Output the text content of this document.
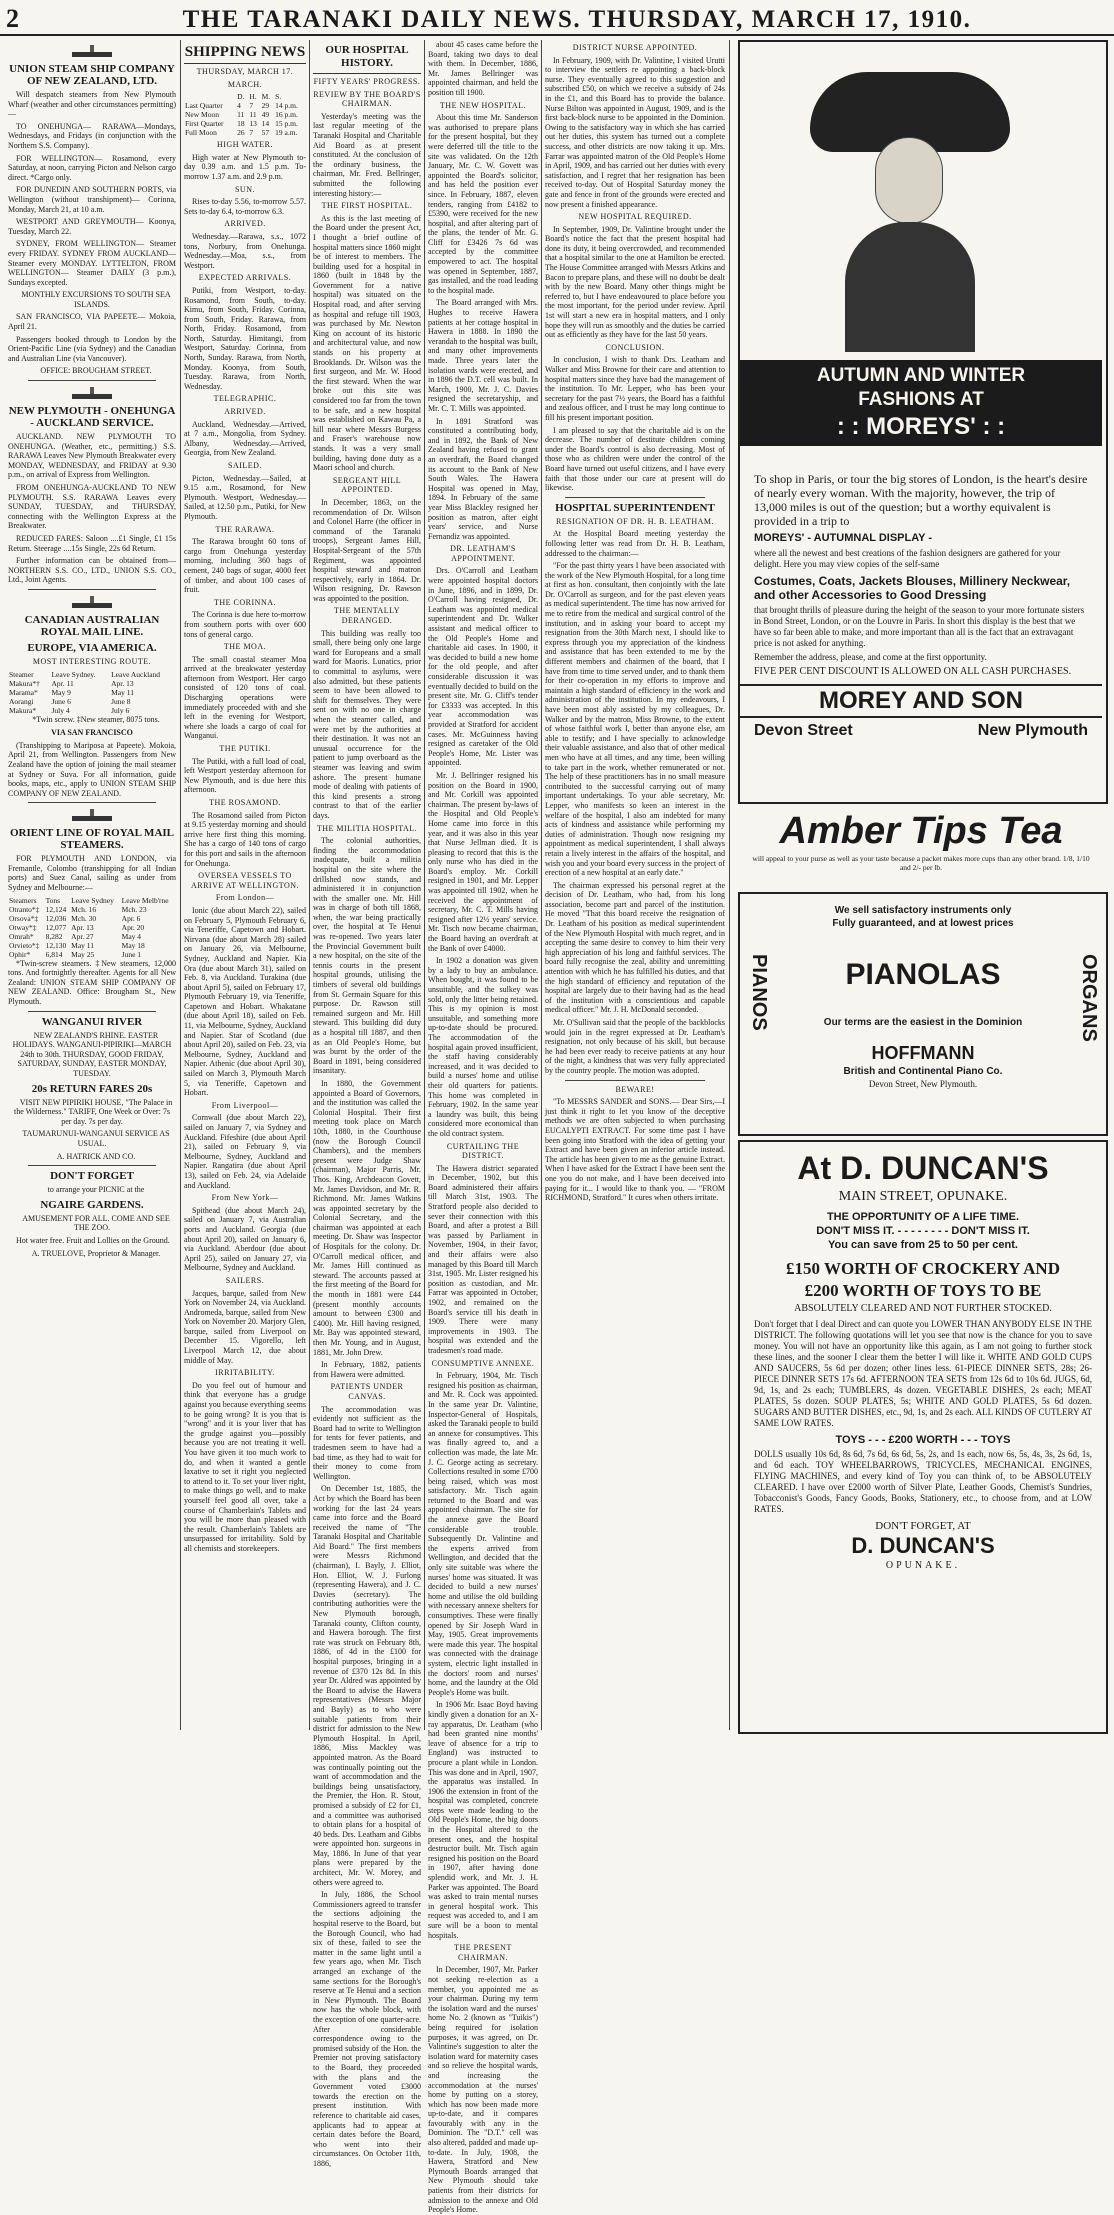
2	THE TARANAKI DAILY NEWS. THURSDAY, MARCH 17, 1910.
UNION STEAM SHIP COMPANY OF NEW ZEALAND, LTD.

Will despatch steamers from New Plymouth Wharf (weather and other circumstances permitting)—

TO ONEHUNGA— RARAWA—Mondays, Wednesdays, and Fridays (in conjunction with the Northern S.S. Company).

FOR WELLINGTON— Rosamond, every Saturday, at noon, carrying Picton and Nelson cargo direct. *Cargo only.

FOR DUNEDIN AND SOUTHERN PORTS, via Wellington (without transhipment)— Corinna, Monday, March 21, at 10 a.m.

WESTPORT AND GREYMOUTH— Koonya, Tuesday, March 22.

SYDNEY, FROM WELLINGTON— Steamer every FRIDAY. SYDNEY FROM AUCKLAND— Steamer every MONDAY. LYTTELTON, FROM WELLINGTON— Steamer DAILY (3 p.m.), Sundays excepted.

MONTHLY EXCURSIONS TO SOUTH SEA ISLANDS.

SAN FRANCISCO, VIA PAPEETE— Mokoia, April 21.

Passengers booked through to London by the Orient-Pacific Line (via Sydney) and the Canadian and Australian Line (via Vancouver).

OFFICE: BROUGHAM STREET.

NEW PLYMOUTH - ONEHUNGA - AUCKLAND SERVICE.

AUCKLAND. NEW PLYMOUTH TO ONEHUNGA. (Weather, etc., permitting.) S.S. RARAWA Leaves New Plymouth Breakwater every MONDAY, WEDNESDAY, and FRIDAY at 9.30 p.m., on arrival of Express from Wellington.

FROM ONEHUNGA-AUCKLAND TO NEW PLYMOUTH. S.S. RARAWA Leaves every SUNDAY, TUESDAY, and THURSDAY, connecting with the Wellington Express at the Breakwater.

REDUCED FARES: Saloon ....£1 Single, £1 15s Return. Steerage ....15s Single, 22s 6d Return.

Further information can be obtained from— NORTHERN S.S. CO., LTD., UNION S.S. CO., Ltd., Joint Agents.

CANADIAN AUSTRALIAN ROYAL MAIL LINE.
EUROPE, VIA AMERICA.
MOST INTERESTING ROUTE.
Steamer	Leave Sydney.	Leave Auckland
Makura*†	Apr. 11	Apr. 13
Marama*	May 9	May 11
Aorangi	June 6	June 8
Makura*	July 4	July 6

*Twin screw. ‡New steamer, 8075 tons.

VIA SAN FRANCISCO

(Transhipping to Mariposa at Papeete). Mokoia, April 21, from Wellington. Passengers from New Zealand have the option of joining the mail steamer at Sydney or Suva. For all information, guide books, maps, etc., apply to UNION STEAM SHIP COMPANY OF NEW ZEALAND.

ORIENT LINE OF ROYAL MAIL STEAMERS.

FOR PLYMOUTH AND LONDON, via Fremantle, Colombo (transhipping for all Indian ports) and Suez Canal, sailing as under from Sydney and Melbourne:—

Steamers	Tons	Leave Sydney	Leave Melb'rne
Otranto*‡	12,124	Mch. 16	Mch. 23
Orsova*‡	12,036	Mch. 30	Apr. 6
Otway*‡	12,077	Apr. 13	Apr. 20
Omrah*	8,282	Apr. 27	May 4
Orvieto*‡	12,130	May 11	May 18
Ophir*	6,814	May 25	June 1

*Twin-screw steamers. ‡New steamers, 12,000 tons. And fortnightly thereafter. Agents for all New Zealand: UNION STEAM SHIP COMPANY OF NEW ZEALAND. Office: Brougham St., New Plymouth.

WANGANUI RIVER

NEW ZEALAND'S RHINE. EASTER HOLIDAYS. WANGANUI-PIPIRIKI—MARCH 24th to 30th. THURSDAY, GOOD FRIDAY, SATURDAY, SUNDAY, EASTER MONDAY, TUESDAY.

20s RETURN FARES 20s

VISIT NEW PIPIRIKI HOUSE, "The Palace in the Wilderness." TARIFF, One Week or Over: 7s per day. 7s per day.

TAUMARUNUI-WANGANUI SERVICE AS USUAL.

A. HATRICK AND CO.

DON'T FORGET

to arrange your PICNIC at the

NGAIRE GARDENS.

AMUSEMENT FOR ALL. COME AND SEE THE ZOO.

Hot water free. Fruit and Lollies on the Ground.

A. TRUELOVE, Proprietor & Manager.

SHIPPING NEWS
THURSDAY, MARCH 17.
MARCH.
	D.	H.	M.	S.
Last Quarter	4	7	29	14 p.m.
New Moon	11	11	49	16 p.m.
First Quarter	18	13	14	15 p.m.
Full Moon	26	7	57	19 a.m.
HIGH WATER.

High water at New Plymouth to-day 0.39 a.m. and 1.5 p.m. To-morrow 1.37 a.m. and 2.9 p.m.

SUN.

Rises to-day 5.56, to-morrow 5.57. Sets to-day 6.4, to-morrow 6.3.

ARRIVED.

Wednesday.—Rarawa, s.s., 1072 tons, Norbury, from Onehunga. Wednesday.—Moa, s.s., from Westport.

EXPECTED ARRIVALS.

Putiki, from Westport, to-day. Rosamond, from South, to-day. Kimu, from South, Friday. Corinna, from South, Friday. Rarawa, from North, Friday. Rosamond, from North, Saturday. Himitangi, from Westport, Saturday. Corinna, from North, Sunday. Rarawa, from North, Monday. Koonya, from South, Tuesday. Rarawa, from North, Wednesday.

TELEGRAPHIC.
ARRIVED.

Auckland, Wednesday.—Arrived, at 7 a.m., Mongolia, from Sydney. Albany, Wednesday.—Arrived, Georgia, from New Zealand.

SAILED.

Picton, Wednesday.—Sailed, at 9.15 a.m., Rosamond, for New Plymouth. Westport, Wednesday.—Sailed, at 12.50 p.m., Putiki, for New Plymouth.

THE RARAWA.

The Rarawa brought 60 tons of cargo from Onehunga yesterday morning, including 360 bags of cement, 240 bags of sugar, 4000 feet of timber, and about 100 cases of fruit.

THE CORINNA.

The Corinna is due here to-morrow from southern ports with over 600 tons of general cargo.

THE MOA.

The small coastal steamer Moa arrived at the breakwater yesterday afternoon from Westport. Her cargo consisted of 120 tons of coal. Discharging operations were immediately proceeded with and she left in the evening for Westport, where she loads a cargo of coal for Wanganui.

THE PUTIKI.

The Putiki, with a full load of coal, left Westport yesterday afternoon for New Plymouth, and is due here this afternoon.

THE ROSAMOND.

The Rosamond sailed from Picton at 9.15 yesterday morning and should arrive here first thing this morning. She has a cargo of 140 tons of cargo for this port and sails in the afternoon for Onehunga.

OVERSEA VESSELS TO ARRIVE AT WELLINGTON.
From London—

Ionic (due about March 22), sailed on February 5, Plymouth February 6, via Teneriffe, Capetown and Hobart. Nirvana (due about March 28) sailed on January 26, via Melbourne, Sydney, Auckland and Napier. Kia Ora (due about March 31), sailed on Feb. 8, via Auckland. Turakina (due about April 5), sailed on February 17, Plymouth February 19, via Teneriffe, Capetown and Hobart. Whakatane (due about April 18), sailed on Feb. 11, via Melbourne, Sydney, Auckland and Napier. Star of Scotland (due about April 20), sailed on Feb. 23, via Melbourne, Sydney, Auckland and Napier. Athenic (due about April 30), sailed on March 3, Plymouth March 5, via Teneriffe, Capetown and Hobart.

From Liverpool—

Cornwall (due about March 22), sailed on January 7, via Sydney and Auckland. Fifeshire (due about April 21), sailed on February 9, via Melbourne, Sydney, Auckland and Napier. Rangatira (due about April 13), sailed on Feb. 24, via Adelaide and Auckland.

From New York—

Spithead (due about March 24), sailed on January 7, via Australian ports and Auckland. Georgia (due about April 20), sailed on January 6, via Auckland. Aberdour (due about April 25), sailed on January 27, via Melbourne, Sydney and Auckland.

SAILERS.

Jacques, barque, sailed from New York on November 24, via Auckland. Andromeda, barque, sailed from New York on November 20. Marjory Glen, barque, sailed from Liverpool on December 15. Vigorello, left Liverpool March 12, due about middle of May.

IRRITABILITY.

Do you feel out of humour and think that everyone has a grudge against you because everything seems to be going wrong? It is you that is "wrong" and it is your liver that has the grudge against you—possibly because you are not treating it well. You have given it too much work to do, and when it wanted a gentle laxative to set it right you neglected to attend to it. To set your liver right, to make things go well, and to make yourself feel good all over, take a course of Chamberlain's Tablets and you will be more than pleased with the result. Chamberlain's Tablets are unsurpassed for irritability. Sold by all chemists and storekeepers.

OUR HOSPITAL HISTORY.
FIFTY YEARS' PROGRESS.
REVIEW BY THE BOARD'S CHAIRMAN.

Yesterday's meeting was the last regular meeting of the Taranaki Hospital and Charitable Aid Board as at present constituted. At the conclusion of the ordinary business, the chairman, Mr. Fred. Bellringer, submitted the following interesting history:—

THE FIRST HOSPITAL.

As this is the last meeting of the Board under the present Act, I thought a brief outline of hospital matters since 1860 might be of interest to members. The building used for a hospital in 1860 (built in 1848 by the Government for a native hospital) was situated on the Hospital road, and after serving as hospital and refuge till 1903, was purchased by Mr. Newton King on account of its historic and architectural value, and now stands on his property at Brooklands. Dr. Wilson was the first surgeon, and Mr. W. Hood the first steward. When the war broke out this site was considered too far from the town to be safe, and a new hospital was established on Kawau Pa, a hill near where Messrs Burgess and Fraser's warehouse now stands. It was a very small building, having done duty as a Maori school and church.

SERGEANT HILL APPOINTED.

In December, 1863, on the recommendation of Dr. Wilson and Colonel Harre (the officer in command of the Taranaki troops), Sergeant James Hill, Hospital-Sergeant of the 57th Regiment, was appointed hospital steward and matron respectively, early in 1864. Dr. Wilson resigning, Dr. Rawson was appointed to the position.

THE MENTALLY DERANGED.

This building was really too small, there being only one large ward for Europeans and a small ward for Maoris. Lunatics, prior to committal to asylums, were also admitted, but these patients seem to have been allowed to shift for themselves. They were sent on with no one in charge when the steamer called, and were met by the authorities at their destination. It was not an unusual occurrence for the patient to jump overboard as the steamer was leaving and swim ashore. The present humane mode of dealing with patients of this kind presents a strong contrast to that of the earlier days.

THE MILITIA HOSPITAL.

The colonial authorities, finding the accommodation inadequate, built a militia hospital on the site where the drillshed now stands, and administered it in conjunction with the smaller one. Mr. Hill was in charge of both till 1868, when, the war being practically over, the hospital at Te Henui was re-opened. Two years later the Provincial Government built a new hospital, on the site of the tennis courts in the present hospital grounds, utilising the timbers of several old buildings from St. Germain Square for this purpose. Dr. Rawson still remained surgeon and Mr. Hill steward. This building did duty as a hospital till 1887, and then as an Old People's Home, but was burnt by the order of the Board in 1891, being considered insanitary.

In 1880, the Government appointed a Board of Governors, and the institution was called the Colonial Hospital. Their first meeting took place on March 10th, 1880, in the Courthouse (now the Borough Council Chambers), and the members present were Judge Shaw (chairman), Major Parris, Mr. Thos. King, Archdeacon Govett, Mr. James Davidson, and Mr. R. Richmond. Mr. James Watkins was appointed secretary by the Colonial Secretary, and the chairman was appointed at each meeting. Dr. Shaw was Inspector of Hospitals for the colony. Dr. O'Carroll medical officer, and Mr. James Hill continued as steward. The accounts passed at the first meeting of the Board for the month in 1881 were £44 (present monthly accounts amount to between £300 and £400). Mr. Hill having resigned, Mr. Bay was appointed steward, then Mr. Young, and in August, 1881, Mr. John Drew.

In February, 1882, patients from Hawera were admitted.

PATIENTS UNDER CANVAS.

The accommodation was evidently not sufficient as the Board had to write to Wellington for tents for fever patients, and tradesmen seem to have had a bad time, as they had to wait for their money to come from Wellington.

On December 1st, 1885, the Act by which the Board has been working for the last 24 years came into force and the Board received the name of "The Taranaki Hospital and Charitable Aid Board." The first members were Messrs Richmond (chairman), I. Bayly, J. Elliot, Hon. Elliot, W. J. Furlong (representing Hawera), and J. C. Davies (secretary). The contributing authorities were the New Plymouth borough, Taranaki county, Clifton county, and Hawera borough. The first rate was struck on February 8th, 1886, of 4d in the £100 for hospital purposes, bringing in a revenue of £370 12s 8d. In this year Dr. Aldred was appointed by the Board to advise the Hawera representatives (Messrs Major and Bayly) as to who were suitable patients from their district for admission to the New Plymouth Hospital. In April, 1886, Miss Mackley was appointed matron. As the Board was continually pointing out the want of accommodation and the buildings being unsatisfactory, the Premier, the Hon. R. Stout, promised a subsidy of £2 for £1, and a committee was authorised to obtain plans for a hospital of 40 beds. Drs. Leatham and Gibbs were appointed hon. surgeons in May, 1886. In June of that year plans were prepared by the architect, Mr. W. Morey, and others were agreed to.

In July, 1886, the School Commissioners agreed to transfer the sections adjoining the hospital reserve to the Board, but the Borough Council, who had six of these, failed to see the matter in the same light until a few years ago, when Mr. Tisch arranged an exchange of the same sections for the Borough's reserve at Te Henui and a section in New Plymouth. The Board now has the whole block, with the exception of one quarter-acre. After considerable correspondence owing to the promised subsidy of the Hon. the Premier not proving satisfactory to the Board, they proceeded with the plans and the Government voted £3000 towards the erection on the present institution. With reference to charitable aid cases, applicants had to appear at certain dates before the Board, who went into their circumstances. On October 11th, 1886,

about 45 cases came before the Board, taking two days to deal with them. In December, 1886, Mr. James Bellringer was appointed chairman, and held the position till 1900.

THE NEW HOSPITAL.

About this time Mr. Sanderson was authorised to prepare plans for the present hospital, but they were deferred till the title to the site was validated. On the 12th January, Mr. C. W. Govett was appointed the Board's solicitor, and has held the position ever since. In February, 1887, eleven tenders, ranging from £4182 to £5390, were received for the new hospital, and after altering part of the plans, the tender of Mr. G. Cliff for £3426 7s 6d was accepted by the committee empowered to act. The hospital was opened in September, 1887, gas installed, and the road leading to the hospital made.

The Board arranged with Mrs. Hughes to receive Hawera patients at her cottage hospital in Hawera in 1888. In 1890 the verandah to the hospital was built, and many other improvements made. Three years later the isolation wards were erected, and in 1896 the D.T. cell was built. In March, 1900, Mr. J. C. Davies resigned the secretaryship, and Mr. C. T. Mills was appointed.

In 1891 Stratford was constituted a contributing body, and in 1892, the Bank of New Zealand having refused to grant an overdraft, the Board changed its account to the Bank of New South Wales. The Hawera Hospital was opened in May, 1894. In February of the same year Miss Blackley resigned her position as matron, after eight years' service, and Nurse Fernandiz was appointed.

DR. LEATHAM'S APPOINTMENT.

Drs. O'Carroll and Leatham were appointed hospital doctors in June, 1896, and in 1899, Dr. O'Carroll having resigned, Dr. Leatham was appointed medical superintendent and Dr. Walker assistant and medical officer to the Old People's Home and charitable aid cases. In 1900, it was decided to build a new home for the old people, and after considerable discussion it was eventually decided to build on the present site. Mr. G. Cliff's tender for £3333 was accepted. In this year accommodation was provided at Stratford for accident cases. Mr. McGuinness having resigned as caretaker of the Old People's Home, Mr. Lister was appointed.

Mr. J. Bellringer resigned his position on the Board in 1900, and Mr. Corkill was appointed chairman. The present by-laws of the Hospital and Old People's Home came into force in this year, and it was also in this year that Nurse Jellman died. It is pleasing to record that this is the only nurse who has died in the Board's employ. Mr. Corkill resigned in 1901, and Mr. Lepper was appointed till 1902, when he received the appointment of secretary, Mr. C. T. Mills having resigned after 12½ years' service. Mr. Tisch now became chairman, the Board having an overdraft at the Bank of over £4000.

In 1902 a donation was given by a lady to buy an ambulance. When bought, it was found to be unsuitable, and the sulkey was sold, only the litter being retained. This is my opinion is most unsuitable, and something more up-to-date should be procured. The accommodation of the hospital again proved insufficient, the staff having considerably increased, and it was decided to build a nurses' home and utilise their old quarters for patients. This home was completed in February, 1902. In the same year a laundry was built, this being considered more economical than the old contract system.

CURTAILING THE DISTRICT.

The Hawera district separated in December, 1902, but this Board administered their affairs till March 31st, 1903. The Stratford people also decided to sever their connection with this Board, and after a protest a Bill was passed by Parliament in November, 1904, in their favor, and their affairs were also managed by this Board till March 31st, 1905. Mr. Lister resigned his position as custodian, and Mr. Farrar was appointed in October, 1902, and remained on the Board's service till his death in 1909. There were many improvements in 1903. The hospital was extended and the tradesmen's road made.

CONSUMPTIVE ANNEXE.

In February, 1904, Mr. Tisch resigned his position as chairman, and Mr. R. Cock was appointed. In the same year Dr. Valintine, Inspector-General of Hospitals, asked the Taranaki people to build an annexe for consumptives. This was finally agreed to, and a collection was made, the late Mr. J. C. George acting as secretary. Collections resulted in some £700 being raised, which was most satisfactory. Mr. Tisch again returned to the Board and was appointed chairman. The site for the annexe gave the Board considerable trouble. Subsequently Dr. Valintine and the experts arrived from Wellington, and decided that the only site suitable was where the nurses' home was situated. It was decided to build a new nurses' home and utilise the old building with necessary annexe shelters for consumptives. These were finally opened by Sir Joseph Ward in May, 1905. Great improvements were made this year. The hospital was connected with the drainage system, electric light installed in the doctors' room and nurses' home, and the laundry at the Old People's Home was built.

In 1906 Mr. Isaac Boyd having kindly given a donation for an X-ray apparatus, Dr. Leatham (who had been granted nine months' leave of absence for a trip to England) was instructed to procure a plant while in London. This was done and in April, 1907, the apparatus was installed. In 1906 the extension in front of the hospital was completed, concrete steps were made leading to the Old People's Home, the big doors in the Hospital altered to the present ones, and the hospital destructor built. Mr. Tisch again resigned his position on the Board in 1907, after having done splendid work, and Mr. J. H. Parker was appointed. The Board was asked to train mental nurses in general hospital work. This request was acceded to, and I am sure will be a boon to mental hospitals.

THE PRESENT CHAIRMAN.

In December, 1907, Mr. Parker not seeking re-election as a member, you appointed me as your chairman. During my term the isolation ward and the nurses' home No. 2 (known as "Tuikis") being required for isolation purposes, it was agreed, on Dr. Valintine's suggestion to alter the isolation ward for maternity cases and so relieve the hospital wards, and increasing the accommodation at the nurses' home by putting on a storey, which has now been made more up-to-date, and it compares favourably with any in the Dominion. The "D.T." cell was also altered, padded and made up-to-date. In July, 1908, the Hawera, Stratford and New Plymouth Boards arranged that New Plymouth should take patients from their districts for admission to the annexe and Old People's Home.

DISTRICT NURSE APPOINTED.

In February, 1909, with Dr. Valintine, I visited Urutti to interview the settlers re appointing a back-block nurse. They eventually agreed to this suggestion and subscribed £50, on which we receive a subsidy of 24s in the £1, and this Board has to provide the balance. Nurse Bilton was appointed in August, 1909, and is the first back-block nurse to be appointed in the Dominion. Owing to the satisfactory way in which she has carried out her duties, this system has turned out a complete success, and other districts are now taking it up. Mrs. Farrar was appointed matron of the Old People's Home in April, 1909, and has carried out her duties with every satisfaction, and I regret that her resignation has been received to-day. Out of Hospital Saturday money the gate and fence in front of the grounds were erected and now present a finished appearance.

NEW HOSPITAL REQUIRED.

In September, 1909, Dr. Valintine brought under the Board's notice the fact that the present hospital had done its duty, it being overcrowded, and recommended that a hospital similar to the one at Hamilton be erected. The House Committee arranged with Messrs Atkins and Bacon to prepare plans, and these will no doubt be dealt with by the new Board. Many other things might be referred to, but I have endeavoured to place before you the most important, for the period under review. April 1st will start a new era in hospital matters, and I only hope they will run as smoothly and the duties be carried out as efficiently as they have for the last 50 years.

CONCLUSION.

In conclusion, I wish to thank Drs. Leatham and Walker and Miss Browne for their care and attention to hospital matters since they have had the management of the institution. To Mr. Lepper, who has been your secretary for the past 7½ years, the Board has a faithful and zealous officer, and I trust he may long continue to fill his present important position.

I am pleased to say that the charitable aid is on the decrease. The number of destitute children coming under the Board's control is also decreasing. Most of those who as children were under the control of the Board have turned out useful citizens, and I have every faith that those under our care at present will do likewise.

HOSPITAL SUPERINTENDENT
RESIGNATION OF DR. H. B. LEATHAM.

At the Hospital Board meeting yesterday the following letter was read from Dr. H. B. Leatham, addressed to the chairman:—

"For the past thirty years I have been associated with the work of the New Plymouth Hospital, for a long time at first as hon. consultant, then conjointly with the late Dr. O'Carroll as surgeon, and for the past eleven years as medical superintendent. The time has now arrived for me to retire from the medical and surgical control of the institution, and in asking your board to accept my resignation from the 30th March next, I should like to express through you my appreciation of the kindness and assistance that has been extended to me by the different members and chairmen of the board, that I have from time to time served under, and to thank them for their co-operation in my efforts to improve and maintain a high standard of efficiency in the work and administration of the institution. In my endeavours, I have been most ably assisted by my colleagues, Dr. Walker and by the matron, Miss Browne, to the extent of whose faithful work I, better than anyone else, am able to testify; and I have specially to acknowledge their valuable assistance, and also that of other medical men who have at all times, and any time, been willing to take part in the work, whether remunerated or not. The help of these practitioners has in no small measure contributed to the successful carrying out of many important undertakings. To your able secretary, Mr. Lepper, who manifests so keen an interest in the welfare of the hospital, I also am indebted for many acts of kindness and assistance while performing my duties of administration. Though now resigning my appointment as medical superintendent, I shall always retain a lively interest in the affairs of the hospital, and wish you and your board every success in the project of erection of a new hospital at an early date."

The chairman expressed his personal regret at the decision of Dr. Leatham, who had, from his long association, become part and parcel of the institution. He moved "That this board receive the resignation of Dr. Leatham of his position as medical superintendent of the New Plymouth Hospital with much regret, and in accepting the same desire to convey to him their very high appreciation of his long and faithful services. The board fully recognise the zeal, ability and unremitting attention with which he has fulfilled his duties, and that the high standard of efficiency and reputation of the hospital are largely due to their having had as the head of the institution with a conscientious and capable medical officer." Mr. J. H. McDonald seconded.

Mr. O'Sullivan said that the people of the backblocks would join in the regret expressed at Dr. Leatham's resignation, not only because of his skill, but because he had been ever ready to receive patients at any hour of the night, a kindness that was very fully appreciated by the country people. The motion was adopted.

BEWARE!

"To MESSRS SANDER and SONS.— Dear Sirs,—I just think it right to let you know of the deceptive methods we are often subjected to when purchasing EUCALYPTI EXTRACT. For some time past I have been going into Stratford with the idea of getting your Extract and have been given an inferior article instead. The article has been given to me as the genuine Extract. When I have asked for the Extract I have been sent the one you do not make, and I have been deceived into paying for it... I would like to thank you. — "FROM RICHMOND, Stratford." It cures when others irritate.

AUTUMN AND WINTER
FASHIONS AT
: : MOREYS' : :
To shop in Paris, or tour the big stores of London, is the heart's desire of nearly every woman. With the majority, however, the trip of 13,000 miles is out of the question; but a worthy equivalent is provided in a trip to
MOREYS' - AUTUMNAL DISPLAY -
where all the newest and best creations of the fashion designers are gathered for your delight. Here you may view copies of the self-same
Costumes, Coats, Jackets Blouses, Millinery Neckwear, and other Accessories to Good Dressing
that brought thrills of pleasure during the height of the season to your more fortunate sisters in Bond Street, London, or on the Louvre in Paris. In short this display is the best that we have so far been able to make, and more important than all is the fact that an extravagant price is not asked for anything.
Remember the address, please, and come at the first opportunity.
FIVE PER CENT DISCOUNT IS ALLOWED ON ALL CASH PURCHASES.
MOREY AND SON
Devon Street	New Plymouth
Amber Tips Tea
will appeal to your purse as well as your taste because a packet makes more cups than any other brand. 1/8, 1/10 and 2/- per lb.
PIANOS	ORGANS
We sell satisfactory instruments only
Fully guaranteed, and at lowest prices
PIANOLAS
Our terms are the easiest in the Dominion
HOFFMANN
British and Continental Piano Co.
Devon Street, New Plymouth.
At D. DUNCAN'S
MAIN STREET, OPUNAKE.
THE OPPORTUNITY OF A LIFE TIME.
DON'T MISS IT. - - - - - - - - DON'T MISS IT.
You can save from 25 to 50 per cent.
£150 WORTH OF CROCKERY AND
£200 WORTH OF TOYS TO BE
ABSOLUTELY CLEARED AND NOT FURTHER STOCKED.
Don't forget that I deal Direct and can quote you LOWER THAN ANYBODY ELSE IN THE DISTRICT. The following quotations will let you see that now is the chance for you to save money. You will not have an opportunity like this again, as I am not going to further stock these lines, and the sooner I clear them the better I will like it. WHITE AND GOLD CUPS AND SAUCERS, 5s 6d per dozen; other lines less. 61-PIECE DINNER SETS, 28s; 26-PIECE DINNER SETS 17s 6d. AFTERNOON TEA SETS from 12s 6d to 10s 6d. JUGS, 6d, 9d, 1s, and 2s each; TUMBLERS, 4s dozen. VEGETABLE DISHES, 2s each; MEAT PLATES, 5s dozen. SOUP PLATES, 5s; WHITE AND GOLD PLATES, 5s 6d dozen. SUGARS AND BUTTER DISHES, etc., 9d, 1s, and 2s each. ALL KINDS OF CUTLERY AT SAME LOW RATES.
TOYS - - - £200 WORTH - - - TOYS
DOLLS usually 10s 6d, 8s 6d, 7s 6d, 6s 6d, 5s, 2s, and 1s each, now 6s, 5s, 4s, 3s, 2s 6d, 1s, and 6d each. TOY WHEELBARROWS, TRICYCLES, MECHANICAL ENGINES, FLYING MACHINES, and every kind of Toy you can think of, to be ABSOLUTELY CLEARED. I have over £2000 worth of Silver Plate, Leather Goods, Chemist's Sundries, Tobacconist's Goods, Fancy Goods, Books, Stationery, etc., to choose from, and at LOW RATES.
DON'T FORGET, AT
D. DUNCAN'S
OPUNAKE.
